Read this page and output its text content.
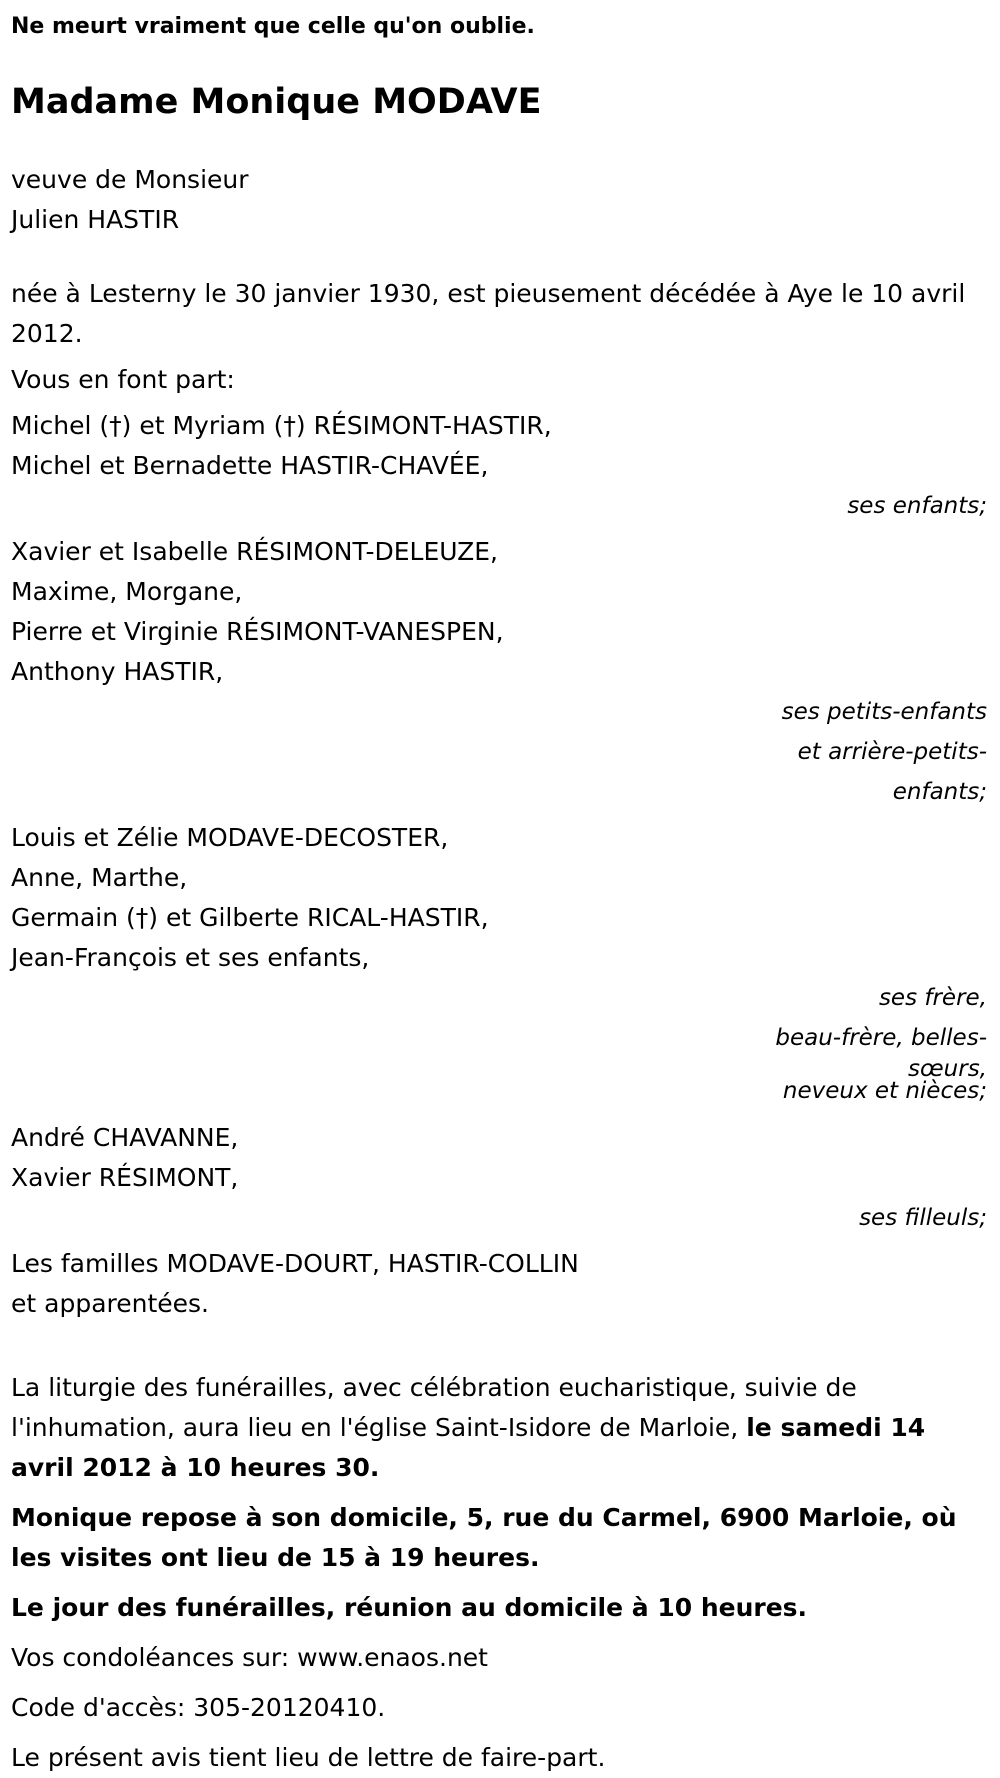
Ne meurt vraiment que celle qu'on oublie.
Madame Monique MODAVE

veuve de Monsieur

Julien HASTIR

née à Lesterny le 30 janvier 1930, est pieusement décédée à Aye le 10 avril 2012.

Vous en font part:

Michel (†) et Myriam (†) RÉSIMONT-HASTIR,

Michel et Bernadette HASTIR-CHAVÉE,

ses enfants;

Xavier et Isabelle RÉSIMONT-DELEUZE,

Maxime, Morgane,

Pierre et Virginie RÉSIMONT-VANESPEN,

Anthony HASTIR,

ses petits-enfants
et arrière-petits-
enfants;

Louis et Zélie MODAVE-DECOSTER,

Anne, Marthe,

Germain (†) et Gilberte RICAL-HASTIR,

Jean-François et ses enfants,

ses frère,
beau-frère, belles-
sœurs,
neveux et nièces;

André CHAVANNE,

Xavier RÉSIMONT,

ses filleuls;

Les familles MODAVE-DOURT, HASTIR-COLLIN

et apparentées.

La liturgie des funérailles, avec célébration eucharistique, suivie de l'inhumation, aura lieu en l'église Saint-Isidore de Marloie, le samedi 14 avril 2012 à 10 heures 30.

Monique repose à son domicile, 5, rue du Carmel, 6900 Marloie, où les visites ont lieu de 15 à 19 heures.

Le jour des funérailles, réunion au domicile à 10 heures.

Vos condoléances sur: www.enaos.net

Code d'accès: 305-20120410.

Le présent avis tient lieu de lettre de faire-part.
